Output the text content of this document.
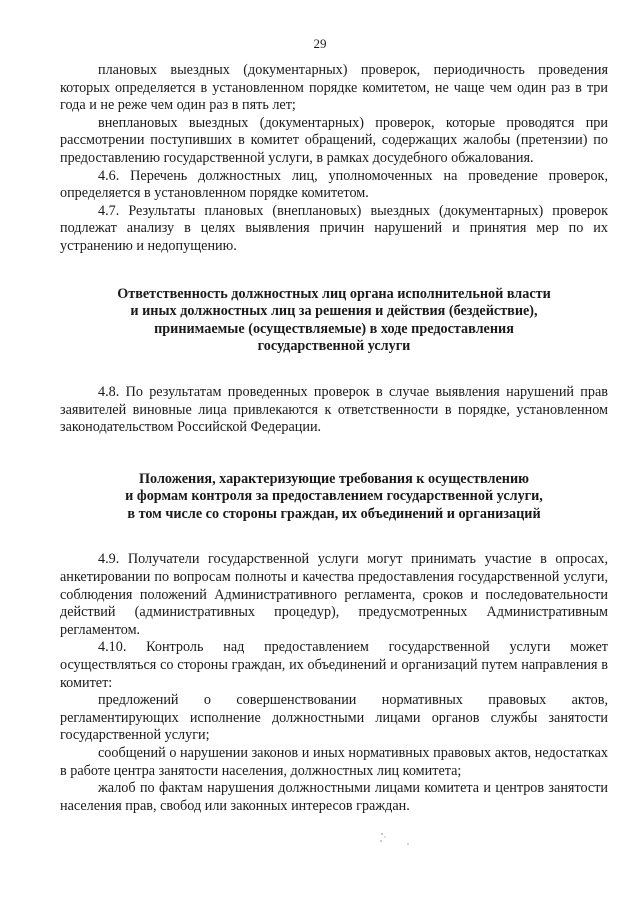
29

плановых выездных (документарных) проверок, периодичность проведения которых определяется в установленном порядке комитетом, не чаще чем один раз в три года и не реже чем один раз в пять лет;

внеплановых выездных (документарных) проверок, которые проводятся при рассмотрении поступивших в комитет обращений, содержащих жалобы (претензии) по предоставлению государственной услуги, в рамках досудебного обжалования.

4.6. Перечень должностных лиц, уполномоченных на проведение проверок, определяется в установленном порядке комитетом.

4.7. Результаты плановых (внеплановых) выездных (документарных) проверок подлежат анализу в целях выявления причин нарушений и принятия мер по их устранению и недопущению.

Ответственность должностных лиц органа исполнительной власти
и иных должностных лиц за решения и действия (бездействие),
принимаемые (осуществляемые) в ходе предоставления
государственной услуги

4.8. По результатам проведенных проверок в случае выявления нарушений прав заявителей виновные лица привлекаются к ответственности в порядке, установленном законодательством Российской Федерации.

Положения, характеризующие требования к осуществлению
и формам контроля за предоставлением государственной услуги,
в том числе со стороны граждан, их объединений и организаций

4.9. Получатели государственной услуги могут принимать участие в опросах, анкетировании по вопросам полноты и качества предоставления государственной услуги, соблюдения положений Административного регламента, сроков и последовательности действий (административных процедур), предусмотренных Административным регламентом.

4.10. Контроль над предоставлением государственной услуги может осуществляться со стороны граждан, их объединений и организаций путем направления в комитет:

предложений о совершенствовании нормативных правовых актов, регламентирующих исполнение должностными лицами органов службы занятости государственной услуги;

сообщений о нарушении законов и иных нормативных правовых актов, недостатках в работе центра занятости населения, должностных лиц комитета;

жалоб по фактам нарушения должностными лицами комитета и центров занятости населения прав, свобод или законных интересов граждан.
